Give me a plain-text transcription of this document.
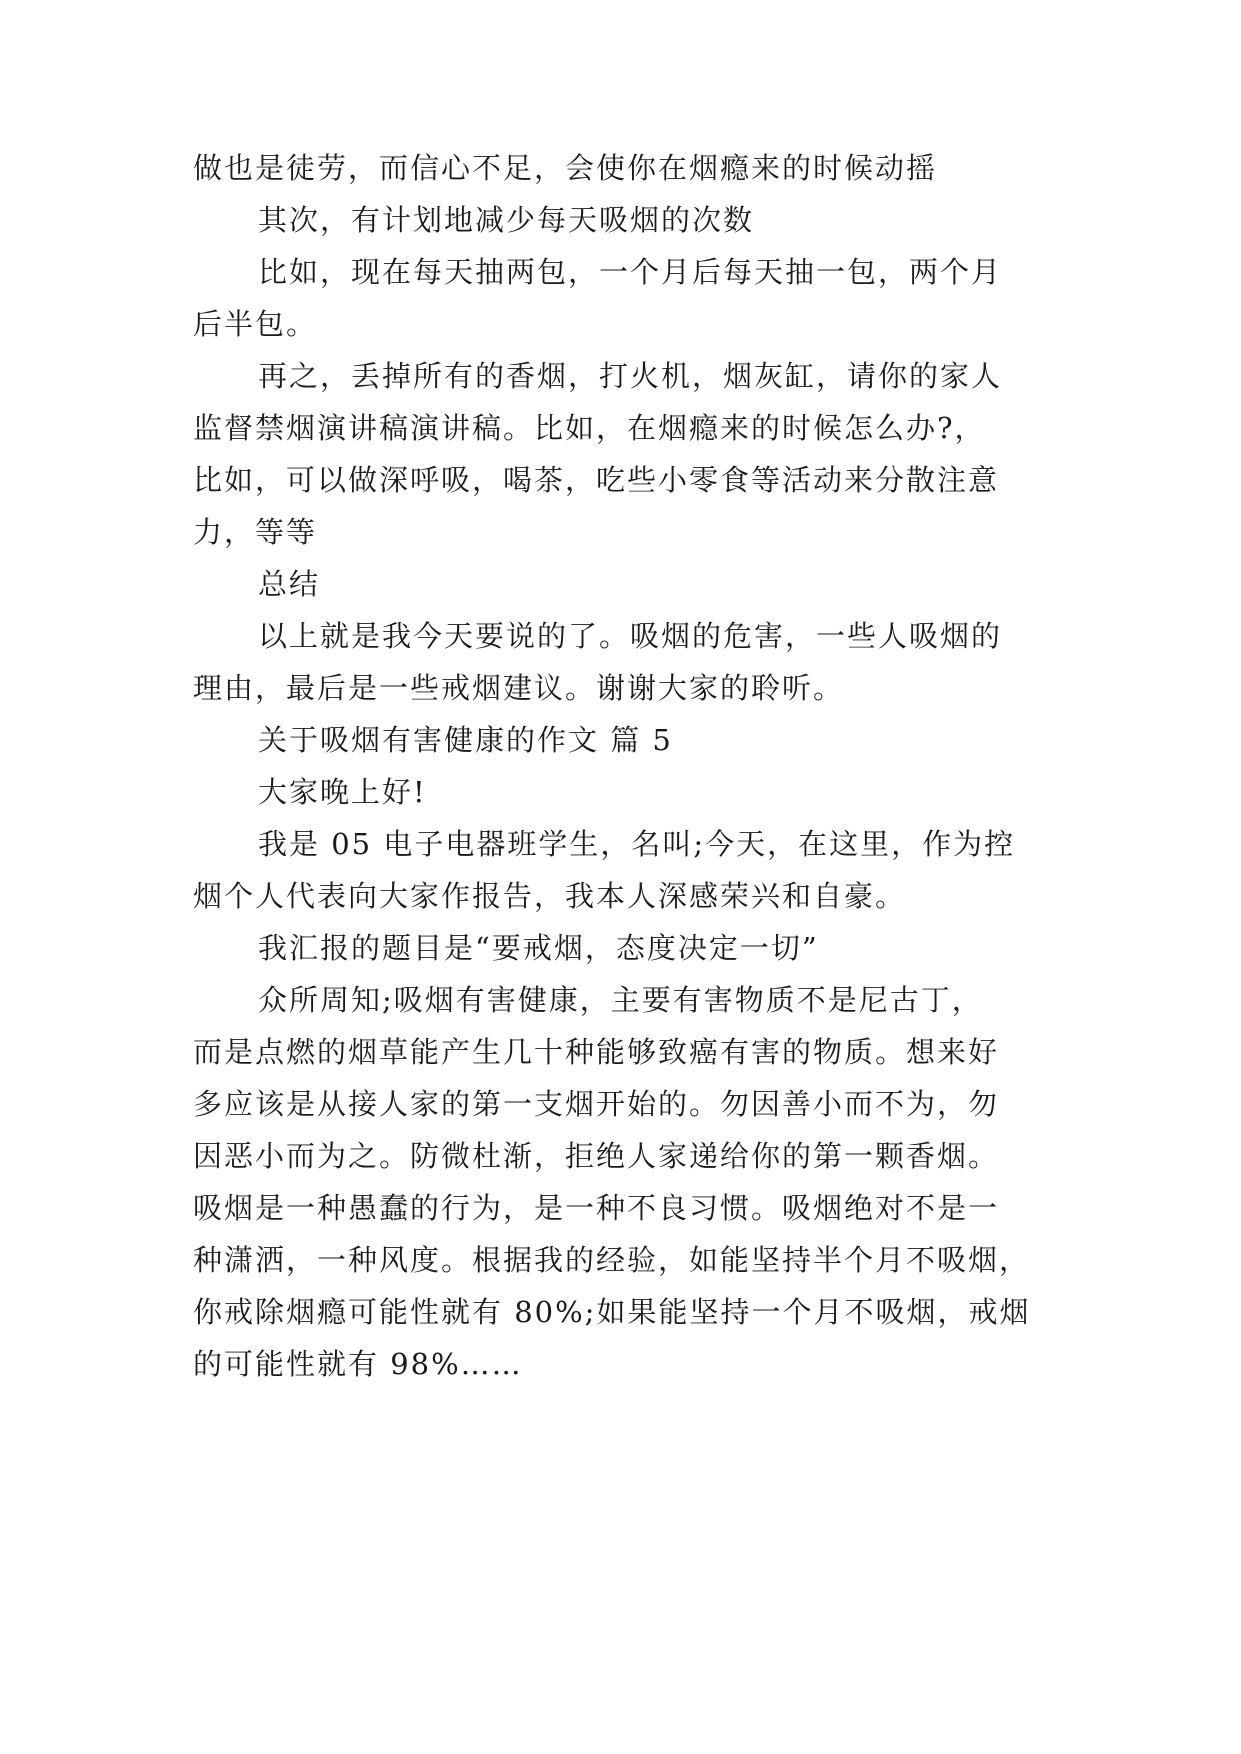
做也是徒劳，而信心不足，会使你在烟瘾来的时候动摇
其次，有计划地减少每天吸烟的次数
比如，现在每天抽两包，一个月后每天抽一包，两个月
后半包。
再之，丢掉所有的香烟，打火机，烟灰缸，请你的家人
监督禁烟演讲稿演讲稿。比如，在烟瘾来的时候怎么办?，
比如，可以做深呼吸，喝茶，吃些小零食等活动来分散注意
力，等等
总结
以上就是我今天要说的了。吸烟的危害，一些人吸烟的
理由，最后是一些戒烟建议。谢谢大家的聆听。
关于吸烟有害健康的作文 篇 5
大家晚上好!
我是 05 电子电器班学生，名叫;今天，在这里，作为控
烟个人代表向大家作报告，我本人深感荣兴和自豪。
我汇报的题目是“要戒烟，态度决定一切”
众所周知;吸烟有害健康，主要有害物质不是尼古丁，
而是点燃的烟草能产生几十种能够致癌有害的物质。想来好
多应该是从接人家的第一支烟开始的。勿因善小而不为，勿
因恶小而为之。防微杜渐，拒绝人家递给你的第一颗香烟。
吸烟是一种愚蠢的行为，是一种不良习惯。吸烟绝对不是一
种潇洒，一种风度。根据我的经验，如能坚持半个月不吸烟，
你戒除烟瘾可能性就有 80%;如果能坚持一个月不吸烟，戒烟
的可能性就有 98%……
